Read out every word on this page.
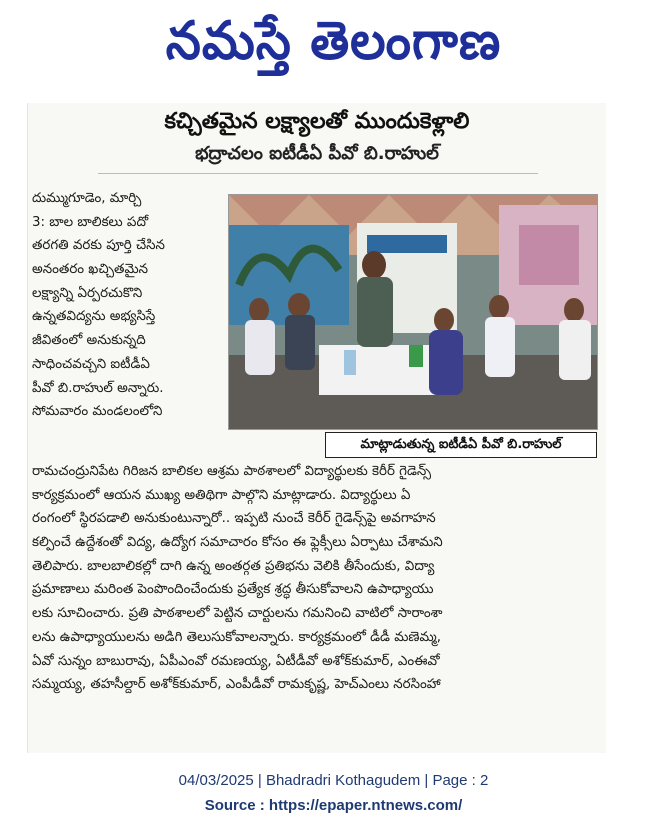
నమస్తే తెలంగాణ
కచ్చితమైన లక్ష్యాలతో ముందుకెళ్లాలి
భద్రాచలం ఐటీడీఏ పీవో బి.రాహుల్
దుమ్ముగూడెం, మార్చి
3: బాల బాలికలు పదో
తరగతి వరకు పూర్తి చేసిన
అనంతరం ఖచ్చితమైన
లక్ష్యాన్ని ఏర్పరచుకొని
ఉన్నతవిద్యను అభ్యసిస్తే
జీవితంలో అనుకున్నది
సాధించవచ్చని ఐటీడీఏ
పీవో బి.రాహుల్ అన్నారు.
సోమవారం మండలంలోని
మాట్లాడుతున్న ఐటీడీఏ పీవో బి.రాహుల్
రామచంద్రునిపేట గిరిజన బాలికల ఆశ్రమ పాఠశాలలో విద్యార్థులకు కెరీర్ గైడెన్స్
కార్యక్రమంలో ఆయన ముఖ్య అతిథిగా పాల్గొని మాట్లాడారు. విద్యార్థులు ఏ
రంగంలో స్థిరపడాలి అనుకుంటున్నారో.. ఇప్పటి నుంచే కెరీర్ గైడెన్స్‌పై అవగాహన
కల్పించే ఉద్దేశంతో విద్య, ఉద్యోగ సమాచారం కోసం ఈ ఫ్లెక్సీలు ఏర్పాటు చేశామని
తెలిపారు. బాలబాలికల్లో దాగి ఉన్న అంతర్గత ప్రతిభను వెలికి తీసేందుకు, విద్యా
ప్రమాణాలు మరింత పెంపొందించేందుకు ప్రత్యేక శ్రద్ధ తీసుకోవాలని ఉపాధ్యాయు
లకు సూచించారు. ప్రతి పాఠశాలలో పెట్టిన చార్టులను గమనించి వాటిలో సారాంశా
లను ఉపాధ్యాయులను అడిగి తెలుసుకోవాలన్నారు. కార్యక్రమంలో డీడీ మణెమ్మ,
ఏవో సున్నం బాబురావు, ఏపీఎంవో రమణయ్య, ఏటీడీవో అశోక్‌కుమార్, ఎంఈవో
సమ్మయ్య, తహసీల్దార్ అశోక్‌కుమార్, ఎంపీడీవో రామకృష్ణ, హెచ్‌ఎంలు నరసింహా
04/03/2025 | Bhadradri Kothagudem | Page : 2
Source : https://epaper.ntnews.com/
